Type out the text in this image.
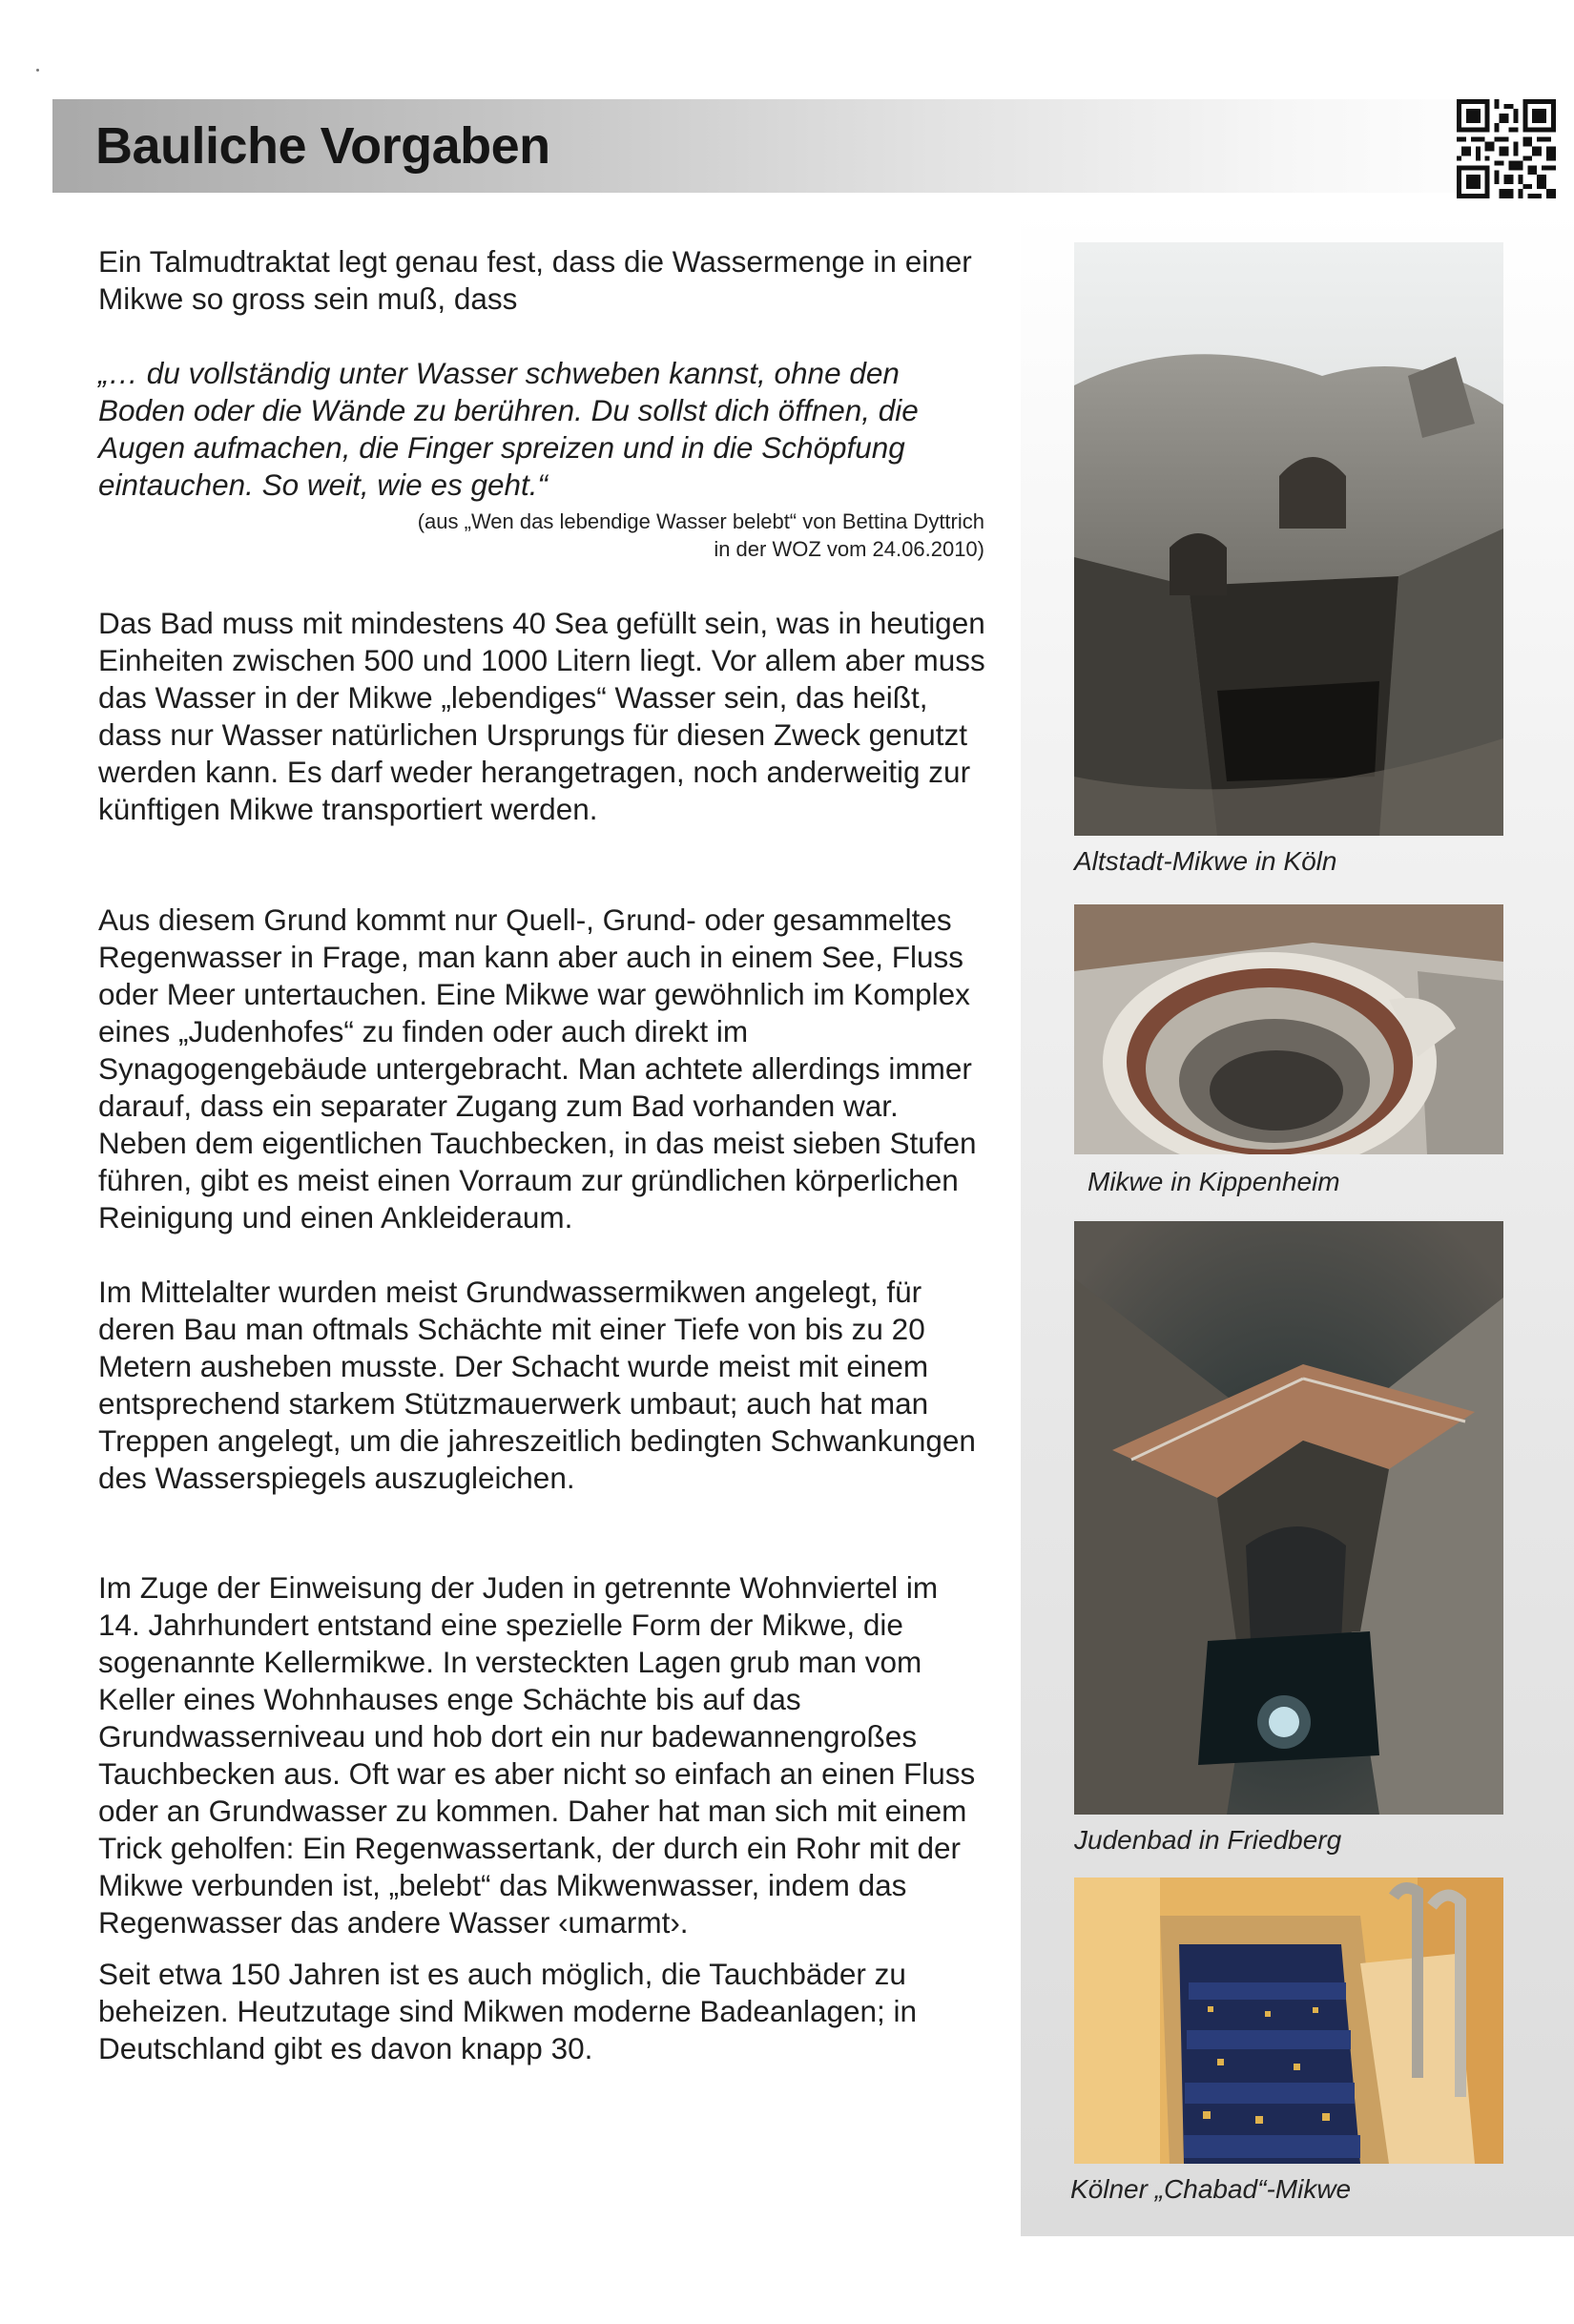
Bauliche Vorgaben

Ein Talmudtraktat legt genau fest, dass die Wassermenge in einer Mikwe so gross sein muß, dass

„… du vollständig unter Wasser schweben kannst, ohne den Boden oder die Wände zu berühren. Du sollst dich öffnen, die Augen aufmachen, die Finger spreizen und in die Schöpfung eintauchen. So weit, wie es geht.“

(aus „Wen das lebendige Wasser belebt“ von Bettina Dyttrich
in der WOZ vom 24.06.2010)

Das Bad muss mit mindestens 40 Sea gefüllt sein, was in heutigen Einheiten zwischen 500 und 1000 Litern liegt. Vor allem aber muss das Wasser in der Mikwe „lebendiges“ Wasser sein, das heißt, dass nur Wasser natürlichen Ursprungs für diesen Zweck genutzt werden kann. Es darf weder herangetragen, noch anderweitig zur künftigen Mikwe transportiert werden.

Aus diesem Grund kommt nur Quell-, Grund- oder gesammeltes Regenwasser in Frage, man kann aber auch in einem See, Fluss oder Meer untertauchen. Eine Mikwe war gewöhnlich im Komplex eines „Judenhofes“ zu finden oder auch direkt im Synagogengebäude untergebracht. Man achtete allerdings immer darauf, dass ein separater Zugang zum Bad vorhanden war. Neben dem eigentlichen Tauchbecken, in das meist sieben Stufen führen, gibt es meist einen Vorraum zur gründlichen körperlichen Reinigung und einen Ankleideraum.

Im Mittelalter wurden meist Grundwassermikwen angelegt, für deren Bau man oftmals Schächte mit einer Tiefe von bis zu 20 Metern ausheben musste. Der Schacht wurde meist mit einem entsprechend starkem Stützmauerwerk umbaut; auch hat man Treppen angelegt, um die jahreszeitlich bedingten Schwankungen des Wasserspiegels auszugleichen.

Im Zuge der Einweisung der Juden in getrennte Wohnviertel im 14. Jahrhundert entstand eine spezielle Form der Mikwe, die sogenannte Kellermikwe. In versteckten Lagen grub man vom Keller eines Wohnhauses enge Schächte bis auf das Grundwasserniveau und hob dort ein nur badewannengroßes Tauchbecken aus. Oft war es aber nicht so einfach an einen Fluss oder an Grundwasser zu kommen. Daher hat man sich mit einem Trick geholfen: Ein Regenwassertank, der durch ein Rohr mit der Mikwe verbunden ist, „belebt“ das Mikwenwasser, indem das Regenwasser das andere Wasser ‹umarmt›.

Seit etwa 150 Jahren ist es auch möglich, die Tauchbäder zu beheizen. Heutzutage sind Mikwen moderne Badeanlagen; in Deutschland gibt es davon knapp 30.

Altstadt-Mikwe in Köln

Mikwe in Kippenheim

Judenbad in Friedberg

Kölner „Chabad“-Mikwe
